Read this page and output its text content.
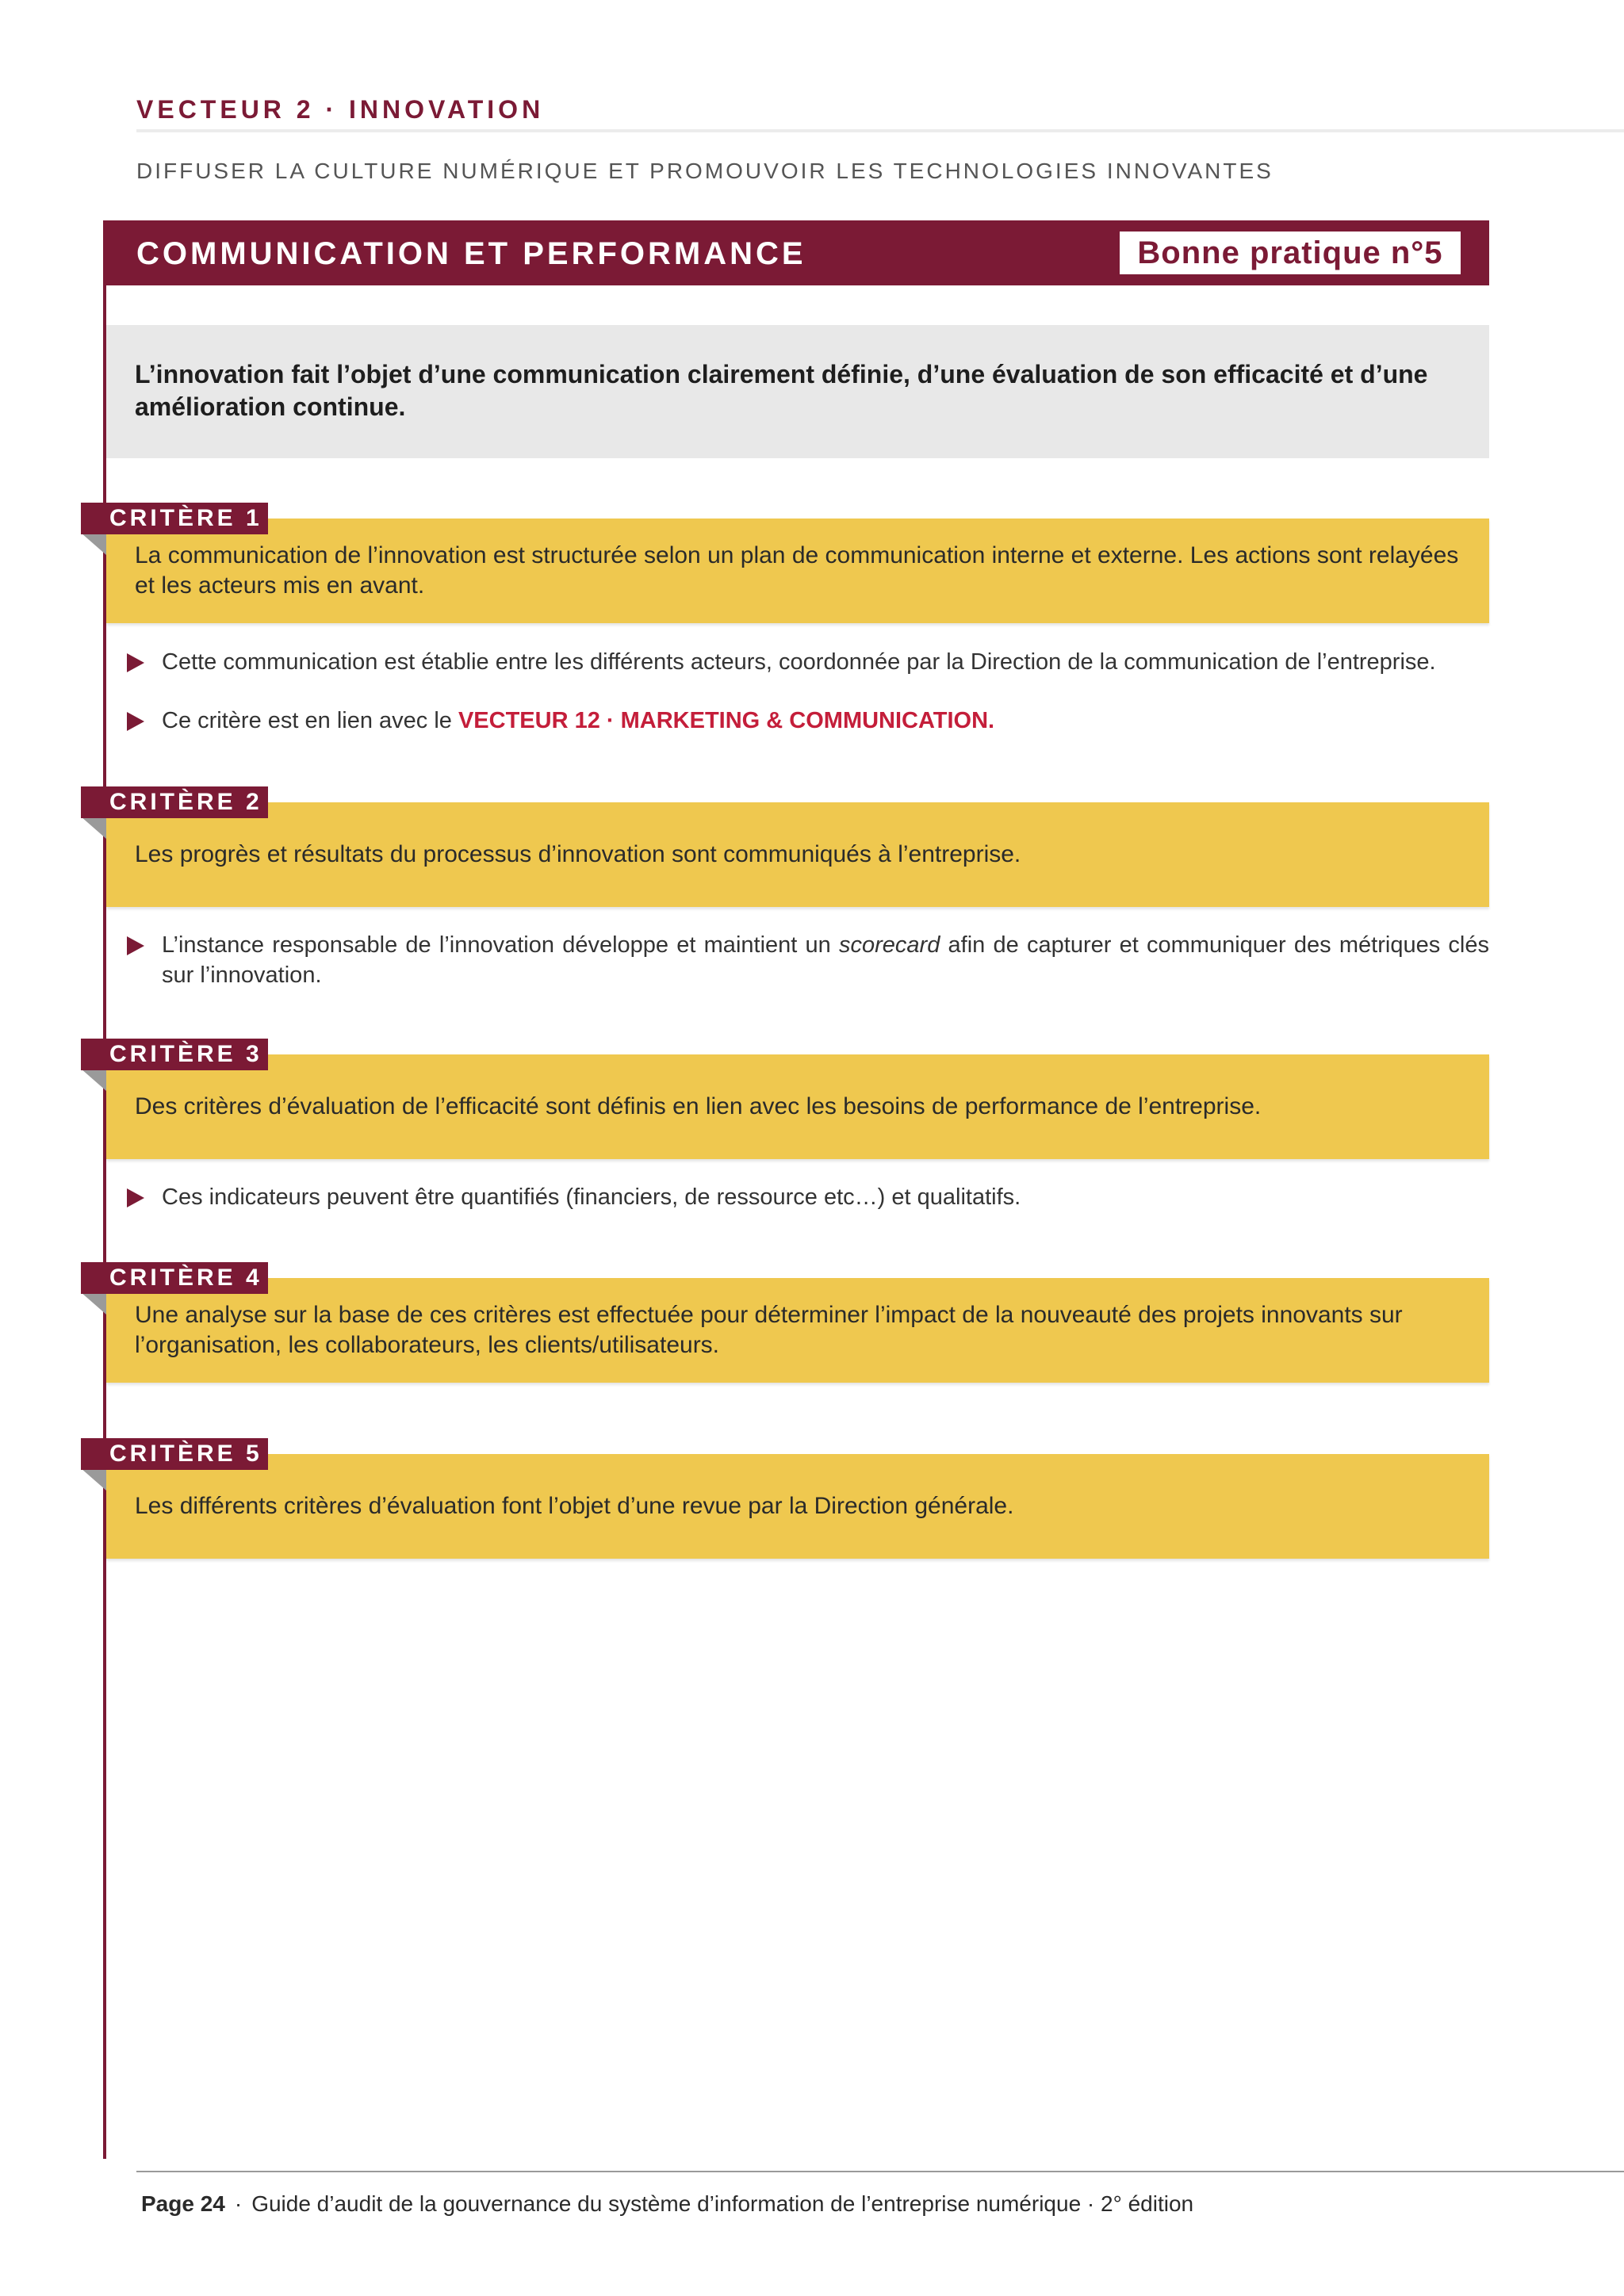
VECTEUR 2 · INNOVATION
DIFFUSER LA CULTURE NUMÉRIQUE ET PROMOUVOIR LES TECHNOLOGIES INNOVANTES
COMMUNICATION ET PERFORMANCE	Bonne pratique n°5
L’innovation fait l’objet d’une communication clairement définie, d’une évaluation de son efficacité et d’une amélioration continue.
CRITÈRE 1
La communication de l’innovation est structurée selon un plan de communication interne et externe. Les actions sont relayées et les acteurs mis en avant.
Cette communication est établie entre les différents acteurs, coordonnée par la Direction de la communication de l’entreprise.
Ce critère est en lien avec le VECTEUR 12 · MARKETING & COMMUNICATION.
CRITÈRE 2
Les progrès et résultats du processus d’innovation sont communiqués à l’entreprise.
L’instance responsable de l’innovation développe et maintient un scorecard afin de capturer et communiquer des métriques clés sur l’innovation.
CRITÈRE 3
Des critères d’évaluation de l’efficacité sont définis en lien avec les besoins de performance de l’entreprise.
Ces indicateurs peuvent être quantifiés (financiers, de ressource etc…) et qualitatifs.
CRITÈRE 4
Une analyse sur la base de ces critères est effectuée pour déterminer l’impact de la nouveauté des projets innovants sur l’organisation, les collaborateurs, les clients/utilisateurs.
CRITÈRE 5
Les différents critères d’évaluation font l’objet d’une revue par la Direction générale.
Page 24 · Guide d’audit de la gouvernance du système d’information de l’entreprise numérique · 2° édition
